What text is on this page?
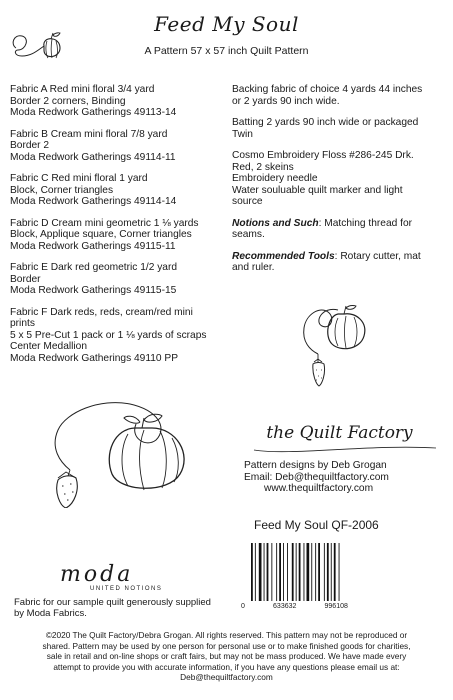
Feed My Soul
A Pattern 57 x 57 inch Quilt Pattern

Fabric A Red mini floral 3/4 yard
Border 2 corners, Binding
Moda Redwork Gatherings 49113-14

Fabric B Cream mini floral 7/8 yard
Border 2
Moda Redwork Gatherings 49114-11

Fabric C Red mini floral 1 yard
Block, Corner triangles
Moda Redwork Gatherings 49114-14

Fabric D Cream mini geometric 1 ⅛ yards
Block, Applique square, Corner triangles
Moda Redwork Gatherings 49115-11

Fabric E Dark red geometric 1/2 yard
Border
Moda Redwork Gatherings 49115-15

Fabric F Dark reds, reds, cream/red mini
prints
5 x 5 Pre-Cut 1 pack or 1 ⅛ yards of scraps
Center Medallion
Moda Redwork Gatherings 49110 PP

Backing fabric of choice 4 yards 44 inches
or 2 yards 90 inch wide.

Batting 2 yards 90 inch wide or packaged
Twin

Cosmo Embroidery Floss #286-245 Drk.
Red, 2 skeins
Embroidery needle
Water souluable quilt marker and light
source

Notions and Such: Matching thread for
seams.

Recommended Tools: Rotary cutter, mat
and ruler.

the Quilt Factory
Pattern designs by Deb Grogan
Email: Deb@thequiltfactory.com
www.thequiltfactory.com
Feed My Soul QF-2006
0	633632	996108
moda
UNITED NOTIONS
Fabric for our sample quilt generously supplied
by Moda Fabrics.
©2020 The Quilt Factory/Debra Grogan. All rights reserved. This pattern may not be reproduced or
shared. Pattern may be used by one person for personal use or to make finished goods for charities,
sale in retail and on-line shops or craft fairs, but may not be mass produced. We have made every
attempt to provide you with accurate information, if you have any questions please email us at:
Deb@thequiltfactory.com
